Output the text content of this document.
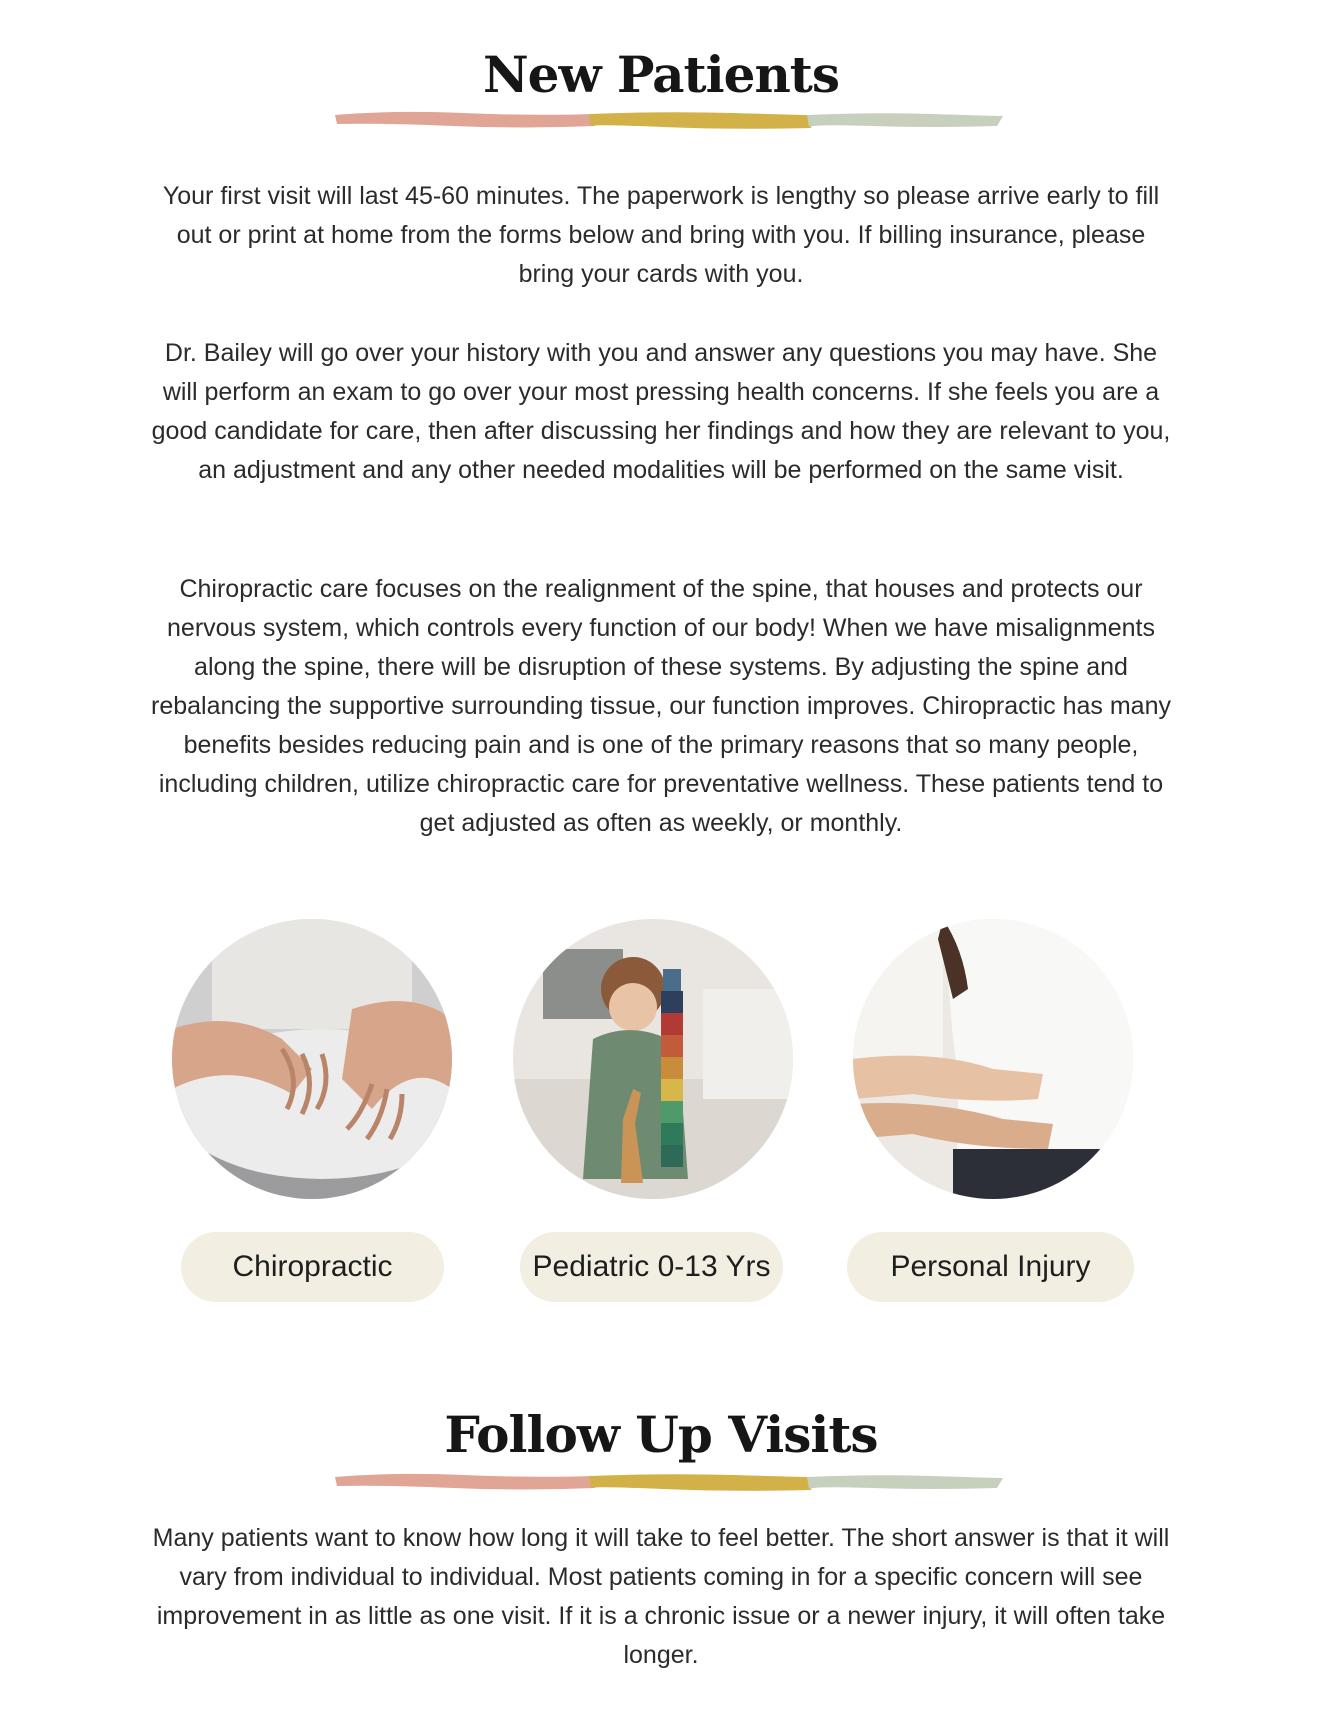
New Patients

Your first visit will last 45-60 minutes. The paperwork is lengthy so please arrive early to fill out or print at home from the forms below and bring with you. If billing insurance, please bring your cards with you.

Dr. Bailey will go over your history with you and answer any questions you may have. She will perform an exam to go over your most pressing health concerns. If she feels you are a good candidate for care, then after discussing her findings and how they are relevant to you, an adjustment and any other needed modalities will be performed on the same visit.

Chiropractic care focuses on the realignment of the spine, that houses and protects our nervous system, which controls every function of our body! When we have misalignments along the spine, there will be disruption of these systems. By adjusting the spine and rebalancing the supportive surrounding tissue, our function improves. Chiropractic has many benefits besides reducing pain and is one of the primary reasons that so many people, including children, utilize chiropractic care for preventative wellness. These patients tend to get adjusted as often as weekly, or monthly.

Chiropractic	Pediatric 0-13 Yrs	Personal Injury
Follow Up Visits

Many patients want to know how long it will take to feel better. The short answer is that it will vary from individual to individual. Most patients coming in for a specific concern will see improvement in as little as one visit. If it is a chronic issue or a newer injury, it will often take longer.
